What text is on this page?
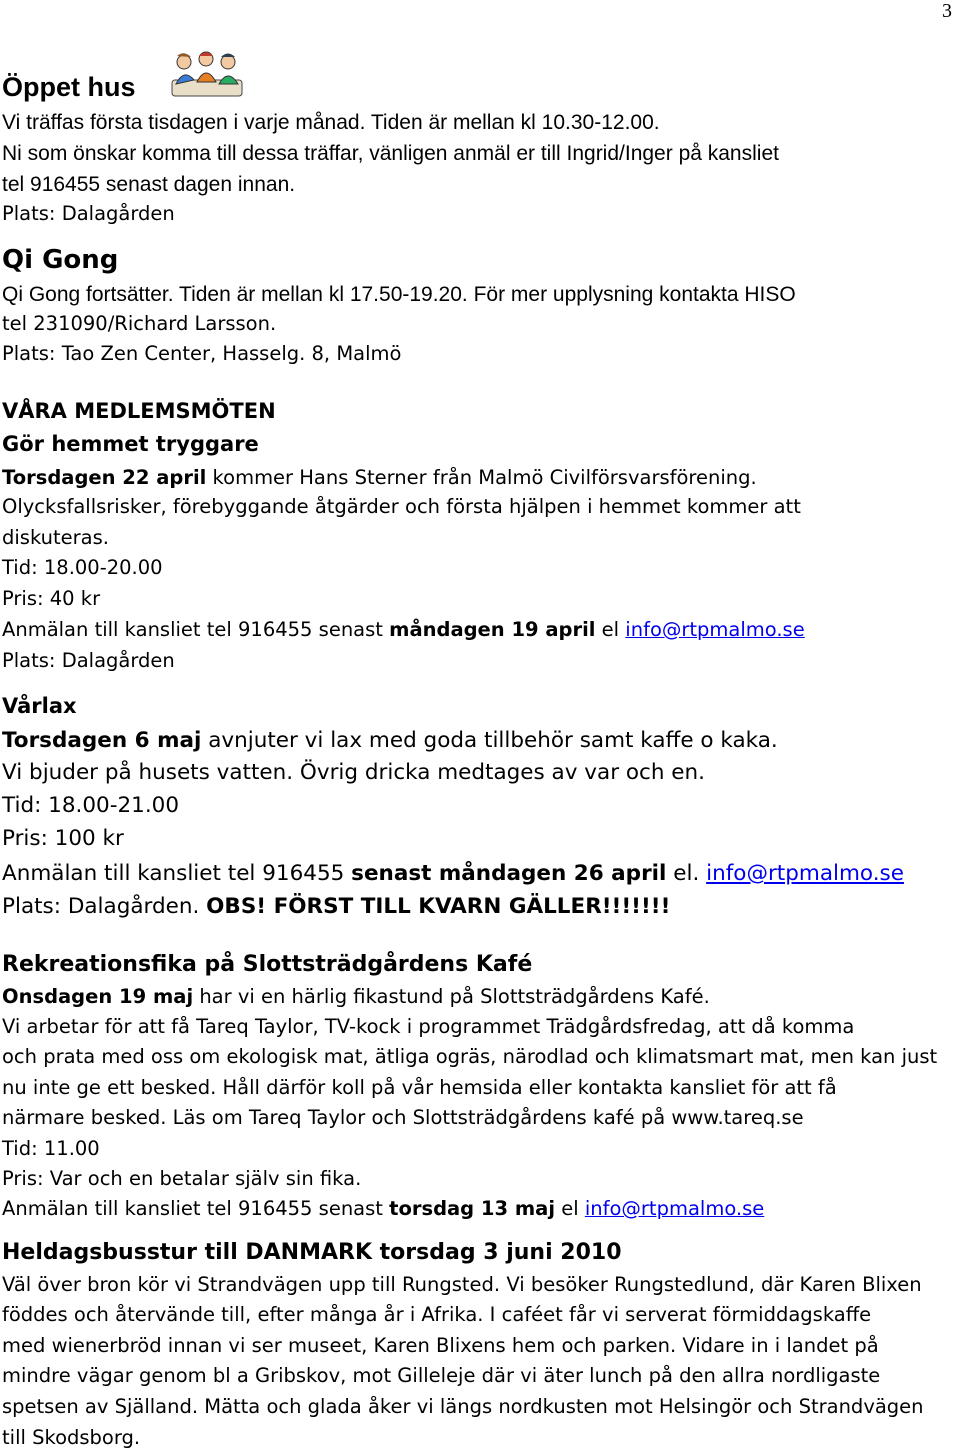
3
Öppet hus
Vi träffas första tisdagen i varje månad. Tiden är mellan kl 10.30-12.00.
Ni som önskar komma till dessa träffar, vänligen anmäl er till Ingrid/Inger på kansliet
tel 916455 senast dagen innan.
Plats: Dalagården
Qi Gong
Qi Gong fortsätter. Tiden är mellan kl 17.50-19.20. För mer upplysning kontakta HISO
tel 231090/Richard Larsson.
Plats: Tao Zen Center, Hasselg. 8, Malmö
VÅRA MEDLEMSMÖTEN
Gör hemmet tryggare
Torsdagen 22 april kommer Hans Sterner från Malmö Civilförsvarsförening.
Olycksfallsrisker, förebyggande åtgärder och första hjälpen i hemmet kommer att
diskuteras.
Tid: 18.00-20.00
Pris: 40 kr
Anmälan till kansliet tel 916455 senast måndagen 19 april el info@rtpmalmo.se
Plats: Dalagården
Vårlax
Torsdagen 6 maj avnjuter vi lax med goda tillbehör samt kaffe o kaka.
Vi bjuder på husets vatten. Övrig dricka medtages av var och en.
Tid: 18.00-21.00
Pris: 100 kr
Anmälan till kansliet tel 916455 senast måndagen 26 april el. info@rtpmalmo.se
Plats: Dalagården. OBS! FÖRST TILL KVARN GÄLLER!!!!!!!
Rekreationsfika på Slottsträdgårdens Kafé
Onsdagen 19 maj har vi en härlig fikastund på Slottsträdgårdens Kafé.
Vi arbetar för att få Tareq Taylor, TV-kock i programmet Trädgårdsfredag, att då komma
och prata med oss om ekologisk mat, ätliga ogräs, närodlad och klimatsmart mat, men kan just
nu inte ge ett besked. Håll därför koll på vår hemsida eller kontakta kansliet för att få
närmare besked. Läs om Tareq Taylor och Slottsträdgårdens kafé på www.tareq.se
Tid: 11.00
Pris: Var och en betalar själv sin fika.
Anmälan till kansliet tel 916455 senast torsdag 13 maj el info@rtpmalmo.se
Heldagsbusstur till DANMARK torsdag 3 juni 2010
Väl över bron kör vi Strandvägen upp till Rungsted. Vi besöker Rungstedlund, där Karen Blixen
föddes och återvände till, efter många år i Afrika. I caféet får vi serverat förmiddagskaffe
med wienerbröd innan vi ser museet, Karen Blixens hem och parken. Vidare in i landet på
mindre vägar genom bl a Gribskov, mot Gilleleje där vi äter lunch på den allra nordligaste
spetsen av Själland. Mätta och glada åker vi längs nordkusten mot Helsingör och Strandvägen
till Skodsborg.
